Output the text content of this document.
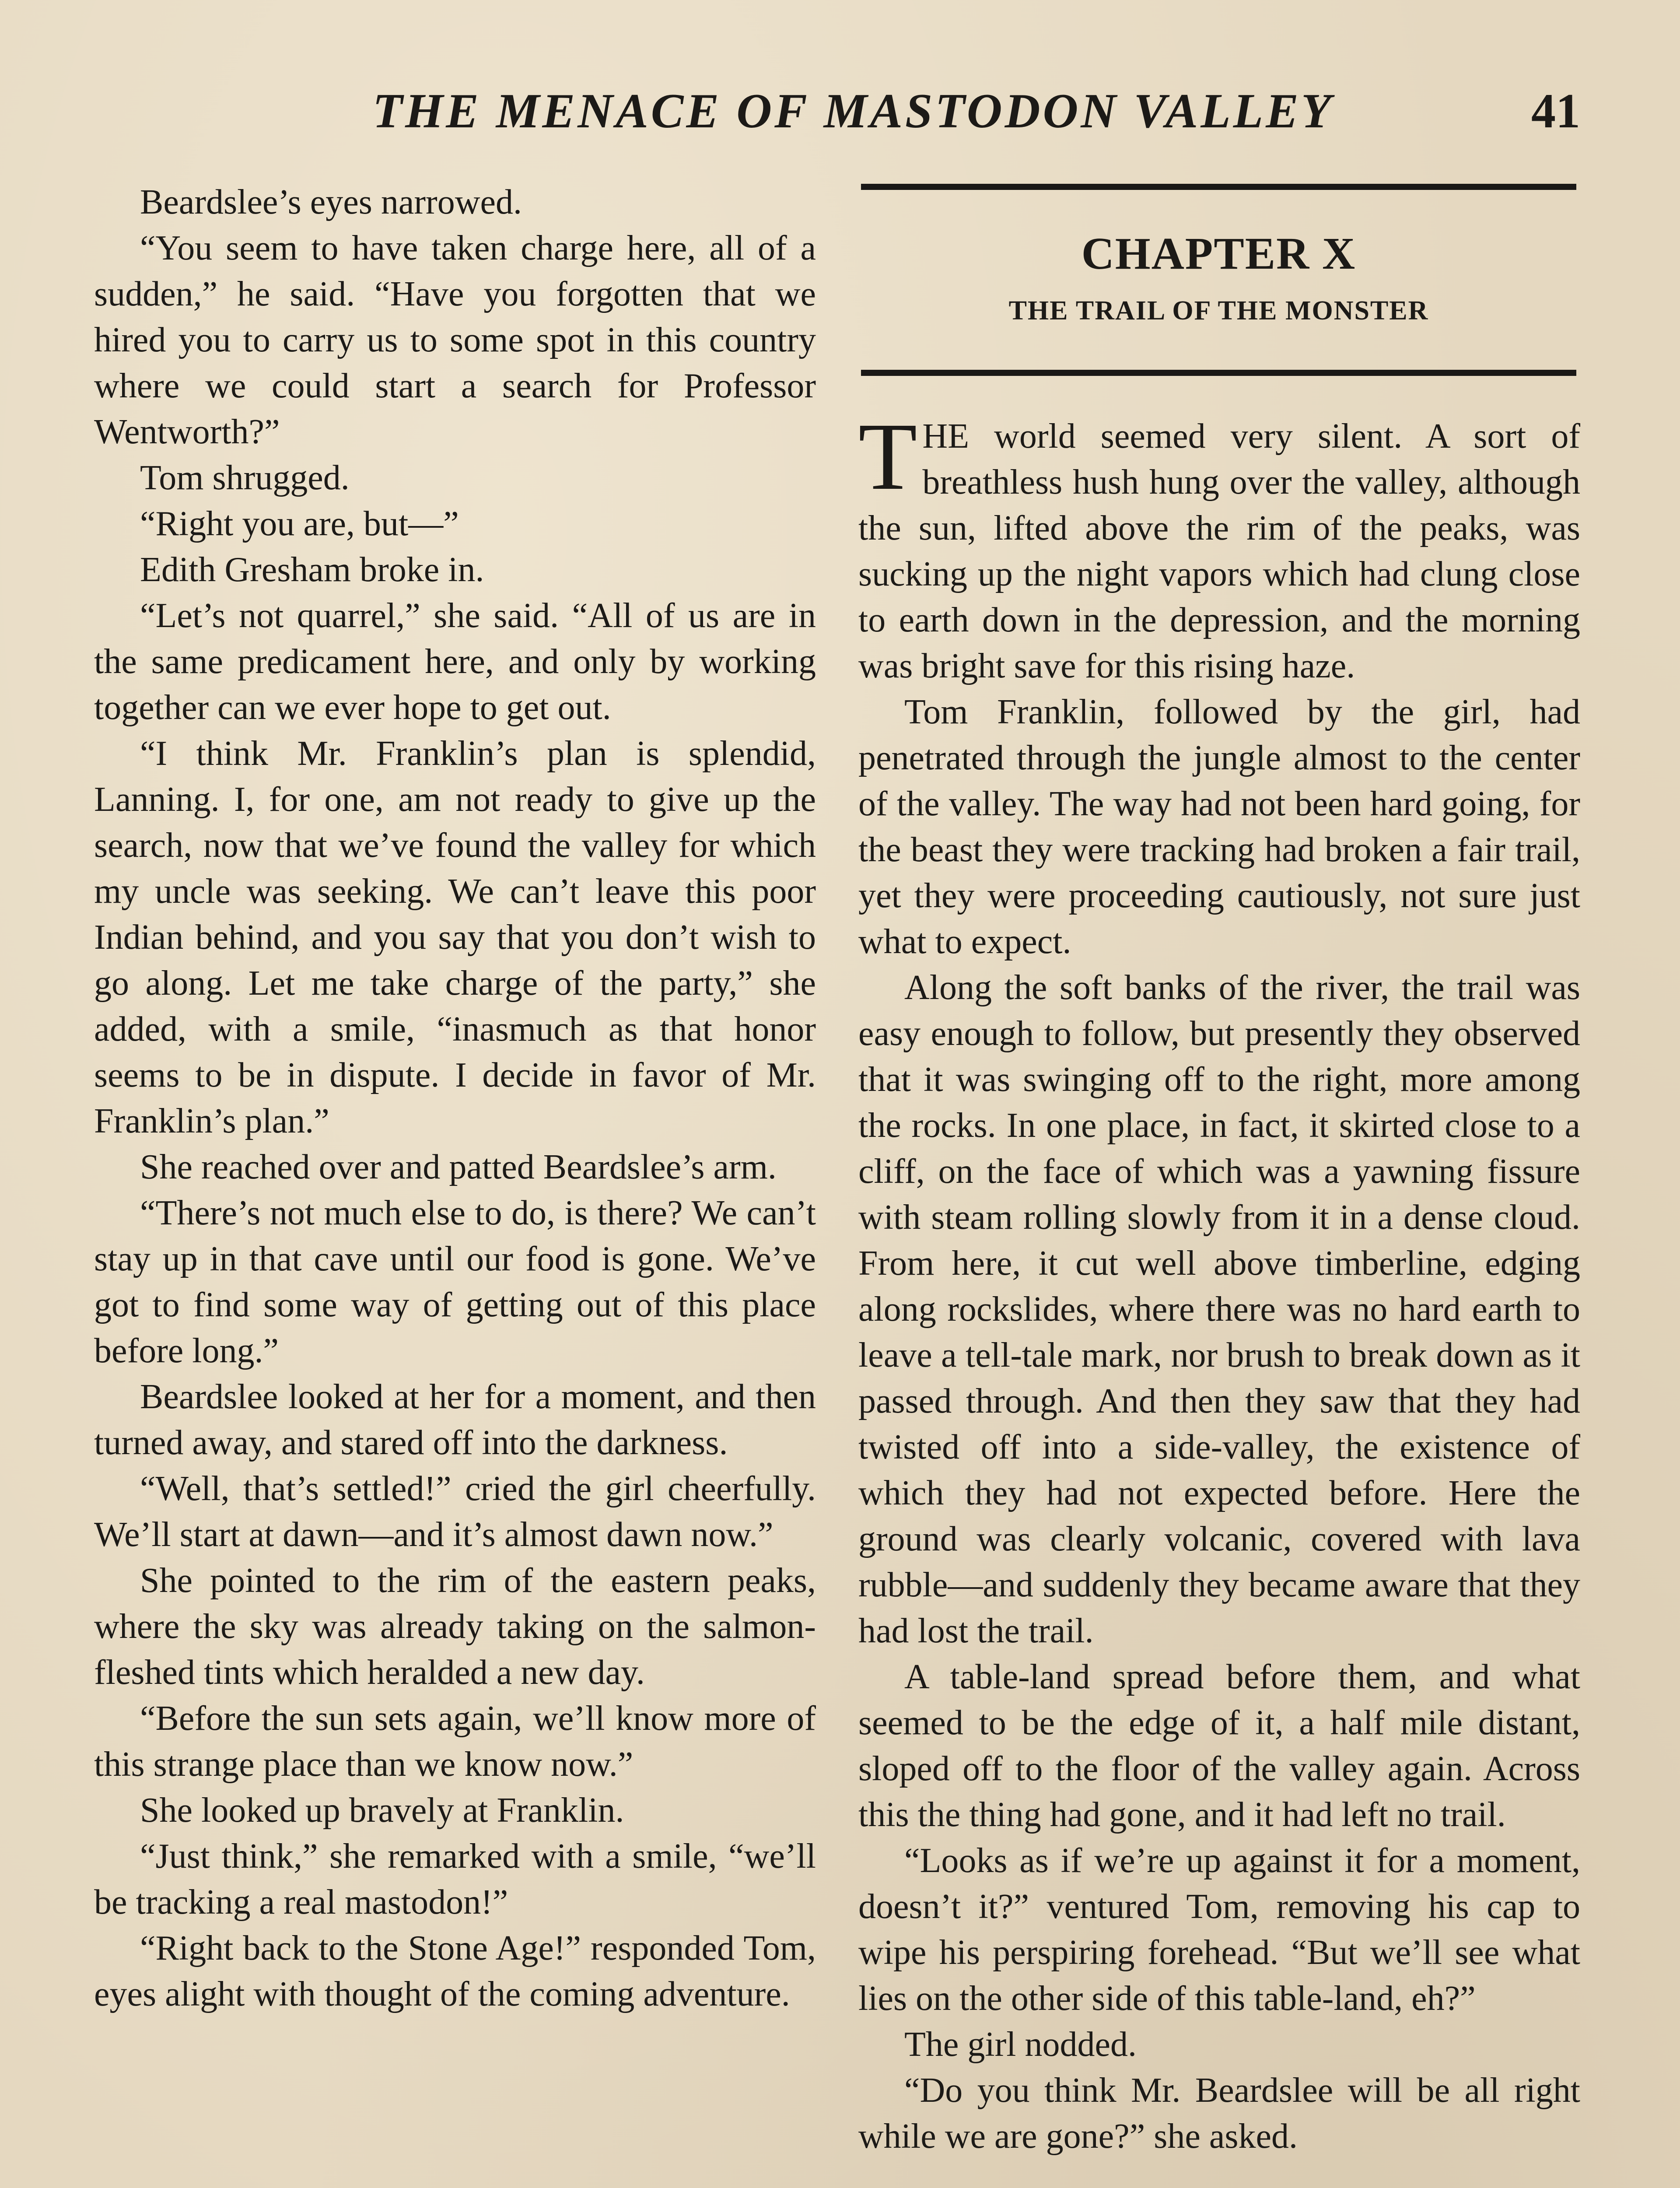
THE MENACE OF MASTODON VALLEY	41

Beardslee’s eyes narrowed.

“You seem to have taken charge here, all of a sudden,” he said. “Have you forgotten that we hired you to carry us to some spot in this country where we could start a search for Professor Wentworth?”

Tom shrugged.

“Right you are, but—”

Edith Gresham broke in.

“Let’s not quarrel,” she said. “All of us are in the same predicament here, and only by working together can we ever hope to get out.

“I think Mr. Franklin’s plan is splendid, Lanning. I, for one, am not ready to give up the search, now that we’ve found the valley for which my uncle was seeking. We can’t leave this poor Indian behind, and you say that you don’t wish to go along. Let me take charge of the party,” she added, with a smile, “inasmuch as that honor seems to be in dispute. I decide in favor of Mr. Franklin’s plan.”

She reached over and patted Beardslee’s arm.

“There’s not much else to do, is there? We can’t stay up in that cave until our food is gone. We’ve got to find some way of getting out of this place before long.”

Beardslee looked at her for a moment, and then turned away, and stared off into the darkness.

“Well, that’s settled!” cried the girl cheerfully. We’ll start at dawn—and it’s almost dawn now.”

She pointed to the rim of the eastern peaks, where the sky was already taking on the salmon-fleshed tints which heralded a new day.

“Before the sun sets again, we’ll know more of this strange place than we know now.”

She looked up bravely at Franklin.

“Just think,” she remarked with a smile, “we’ll be tracking a real mastodon!”

“Right back to the Stone Age!” responded Tom, eyes alight with thought of the coming adventure.

CHAPTER X
THE TRAIL OF THE MONSTER

THE world seemed very silent. A sort of breathless hush hung over the valley, although the sun, lifted above the rim of the peaks, was sucking up the night vapors which had clung close to earth down in the depression, and the morning was bright save for this rising haze.

Tom Franklin, followed by the girl, had penetrated through the jungle almost to the center of the valley. The way had not been hard going, for the beast they were tracking had broken a fair trail, yet they were proceeding cautiously, not sure just what to expect.

Along the soft banks of the river, the trail was easy enough to follow, but presently they observed that it was swinging off to the right, more among the rocks. In one place, in fact, it skirted close to a cliff, on the face of which was a yawning fissure with steam rolling slowly from it in a dense cloud. From here, it cut well above timberline, edging along rockslides, where there was no hard earth to leave a tell-tale mark, nor brush to break down as it passed through. And then they saw that they had twisted off into a side-valley, the existence of which they had not expected before. Here the ground was clearly volcanic, covered with lava rubble—and suddenly they became aware that they had lost the trail.

A table-land spread before them, and what seemed to be the edge of it, a half mile distant, sloped off to the floor of the valley again. Across this the thing had gone, and it had left no trail.

“Looks as if we’re up against it for a moment, doesn’t it?” ventured Tom, removing his cap to wipe his perspiring forehead. “But we’ll see what lies on the other side of this table-land, eh?”

The girl nodded.

“Do you think Mr. Beardslee will be all right while we are gone?” she asked.
